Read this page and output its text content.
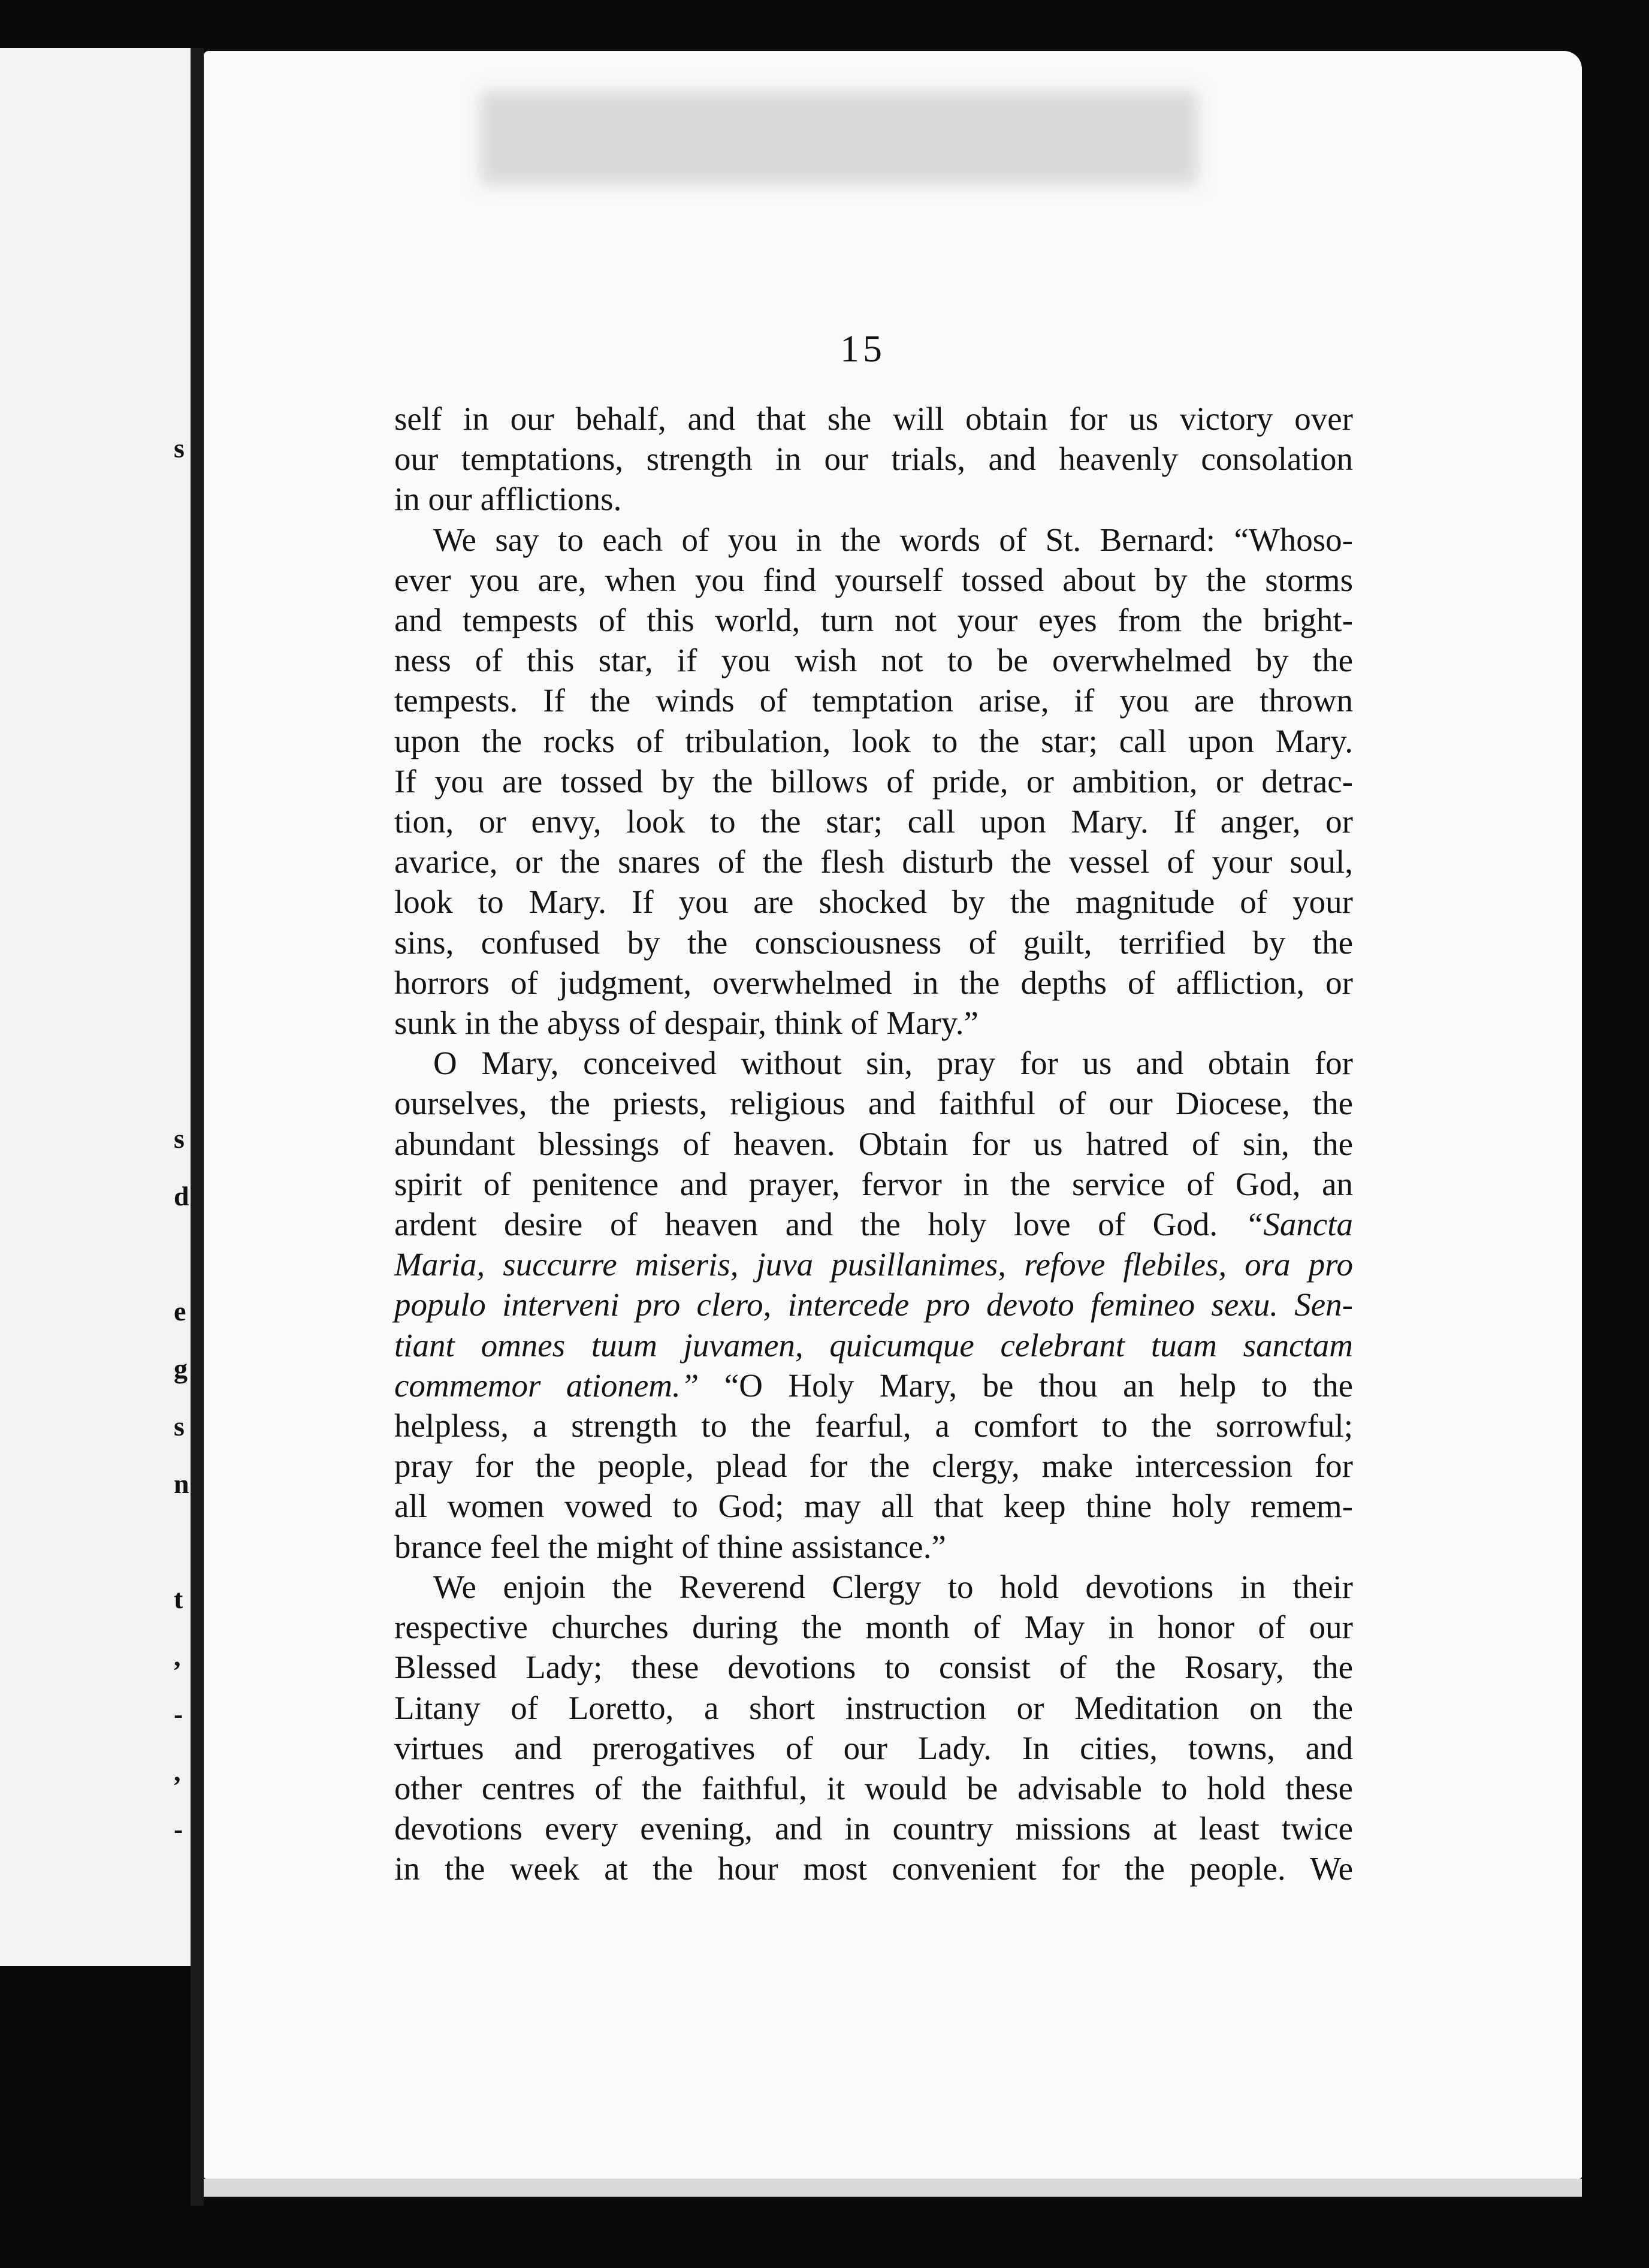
s
s
d
e
g
s
n
t
,
-
,
-
15
self in our behalf, and that she will obtain for us victory over
our temptations, strength in our trials, and heavenly consolation
in our afflictions.
We say to each of you in the words of St. Bernard: “Whoso-
ever you are, when you find yourself tossed about by the storms
and tempests of this world, turn not your eyes from the bright-
ness of this star, if you wish not to be overwhelmed by the
tempests. If the winds of temptation arise, if you are thrown
upon the rocks of tribulation, look to the star; call upon Mary.
If you are tossed by the billows of pride, or ambition, or detrac-
tion, or envy, look to the star; call upon Mary. If anger, or
avarice, or the snares of the flesh disturb the vessel of your soul,
look to Mary. If you are shocked by the magnitude of your
sins, confused by the consciousness of guilt, terrified by the
horrors of judgment, overwhelmed in the depths of affliction, or
sunk in the abyss of despair, think of Mary.”
O Mary, conceived without sin, pray for us and obtain for
ourselves, the priests, religious and faithful of our Diocese, the
abundant blessings of heaven. Obtain for us hatred of sin, the
spirit of penitence and prayer, fervor in the service of God, an
ardent desire of heaven and the holy love of God. “Sancta
Maria, succurre miseris, juva pusillanimes, refove flebiles, ora pro
populo interveni pro clero, intercede pro devoto femineo sexu. Sen-
tiant omnes tuum juvamen, quicumque celebrant tuam sanctam
commemor ationem.” “O Holy Mary, be thou an help to the
helpless, a strength to the fearful, a comfort to the sorrowful;
pray for the people, plead for the clergy, make intercession for
all women vowed to God; may all that keep thine holy remem-
brance feel the might of thine assistance.”
We enjoin the Reverend Clergy to hold devotions in their
respective churches during the month of May in honor of our
Blessed Lady; these devotions to consist of the Rosary, the
Litany of Loretto, a short instruction or Meditation on the
virtues and prerogatives of our Lady. In cities, towns, and
other centres of the faithful, it would be advisable to hold these
devotions every evening, and in country missions at least twice
in the week at the hour most convenient for the people. We
